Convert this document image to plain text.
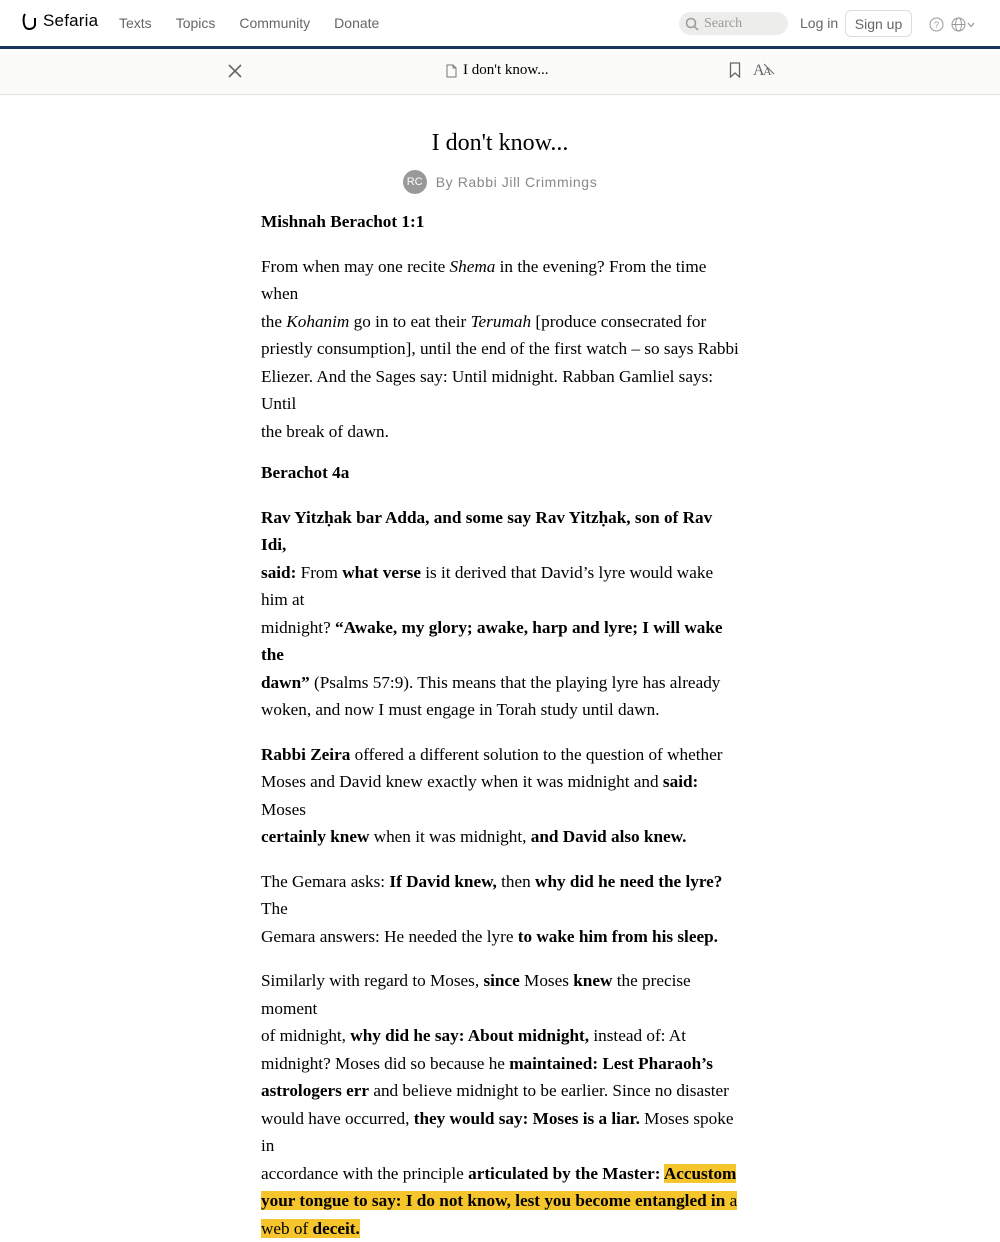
Sefaria Texts Topics Community Donate
Search	Log in	Sign up	?
I don't know...	A
A
I don't know...
RC By Rabbi Jill Crimmings
Mishnah Berachot 1:1
From when may one recite Shema in the evening? From the time when
the Kohanim go in to eat their Terumah [produce consecrated for
priestly consumption], until the end of the first watch – so says Rabbi
Eliezer. And the Sages say: Until midnight. Rabban Gamliel says: Until
the break of dawn.
Berachot 4a
Rav Yitzḥak bar Adda, and some say Rav Yitzḥak, son of Rav Idi,
said: From what verse is it derived that David’s lyre would wake him at
midnight? “Awake, my glory; awake, harp and lyre; I will wake the
dawn” (Psalms 57:9). This means that the playing lyre has already
woken, and now I must engage in Torah study until dawn.
Rabbi Zeira offered a different solution to the question of whether
Moses and David knew exactly when it was midnight and said: Moses
certainly knew when it was midnight, and David also knew.
The Gemara asks: If David knew, then why did he need the lyre? The
Gemara answers: He needed the lyre to wake him from his sleep.
Similarly with regard to Moses, since Moses knew the precise moment
of midnight, why did he say: About midnight, instead of: At
midnight? Moses did so because he maintained: Lest Pharaoh’s
astrologers err and believe midnight to be earlier. Since no disaster
would have occurred, they would say: Moses is a liar. Moses spoke in
accordance with the principle articulated by the Master: Accustom
your tongue to say: I do not know, lest you become entangled in a
web of deceit.
